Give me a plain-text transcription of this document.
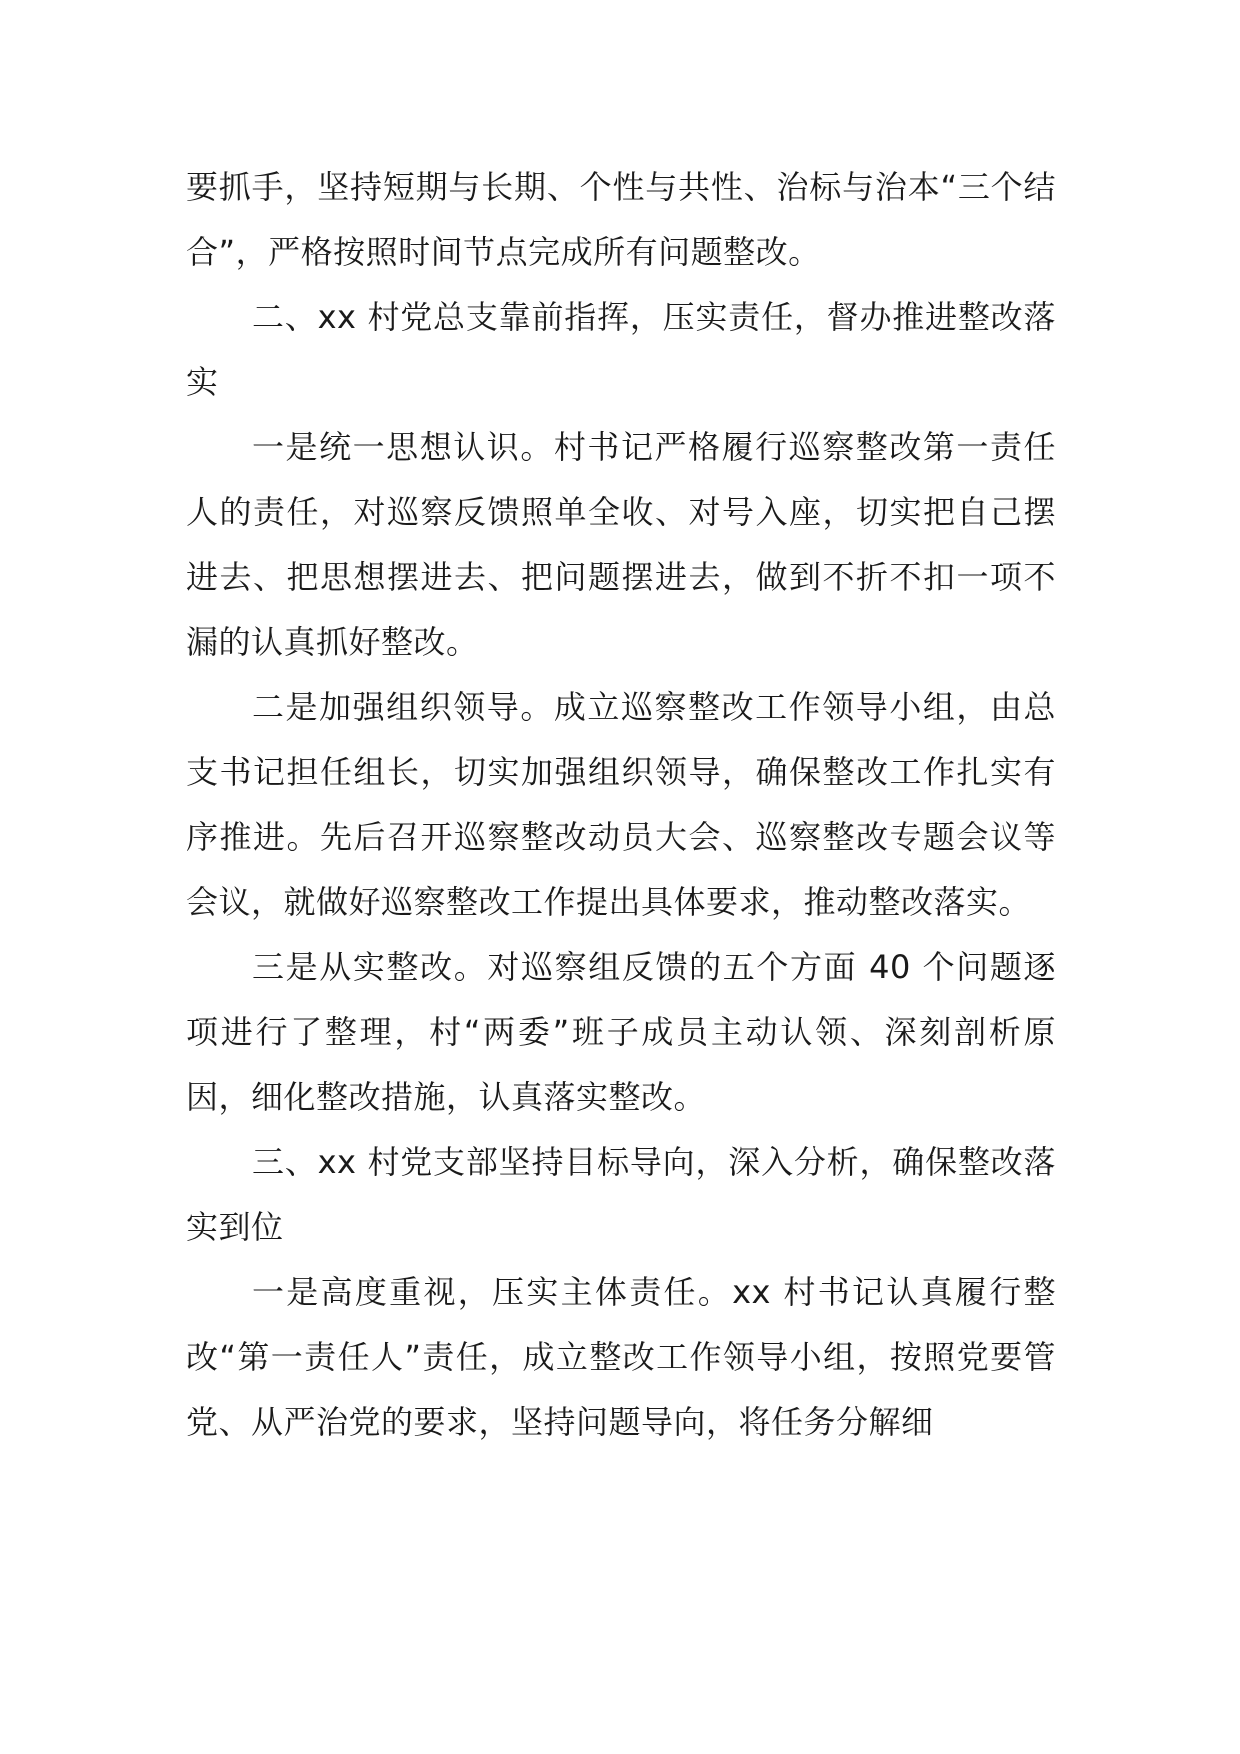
要抓手，坚持短期与长期、个性与共性、治标与治本“三个结合”，严格按照时间节点完成所有问题整改。

二、xx 村党总支靠前指挥，压实责任，督办推进整改落实

一是统一思想认识。村书记严格履行巡察整改第一责任人的责任，对巡察反馈照单全收、对号入座，切实把自己摆进去、把思想摆进去、把问题摆进去，做到不折不扣一项不漏的认真抓好整改。

二是加强组织领导。成立巡察整改工作领导小组，由总支书记担任组长，切实加强组织领导，确保整改工作扎实有序推进。先后召开巡察整改动员大会、巡察整改专题会议等会议，就做好巡察整改工作提出具体要求，推动整改落实。

三是从实整改。对巡察组反馈的五个方面 40 个问题逐项进行了整理，村“两委”班子成员主动认领、深刻剖析原因，细化整改措施，认真落实整改。

三、xx 村党支部坚持目标导向，深入分析，确保整改落实到位

一是高度重视，压实主体责任。xx 村书记认真履行整改“第一责任人”责任，成立整改工作领导小组，按照党要管党、从严治党的要求，坚持问题导向，将任务分解细
